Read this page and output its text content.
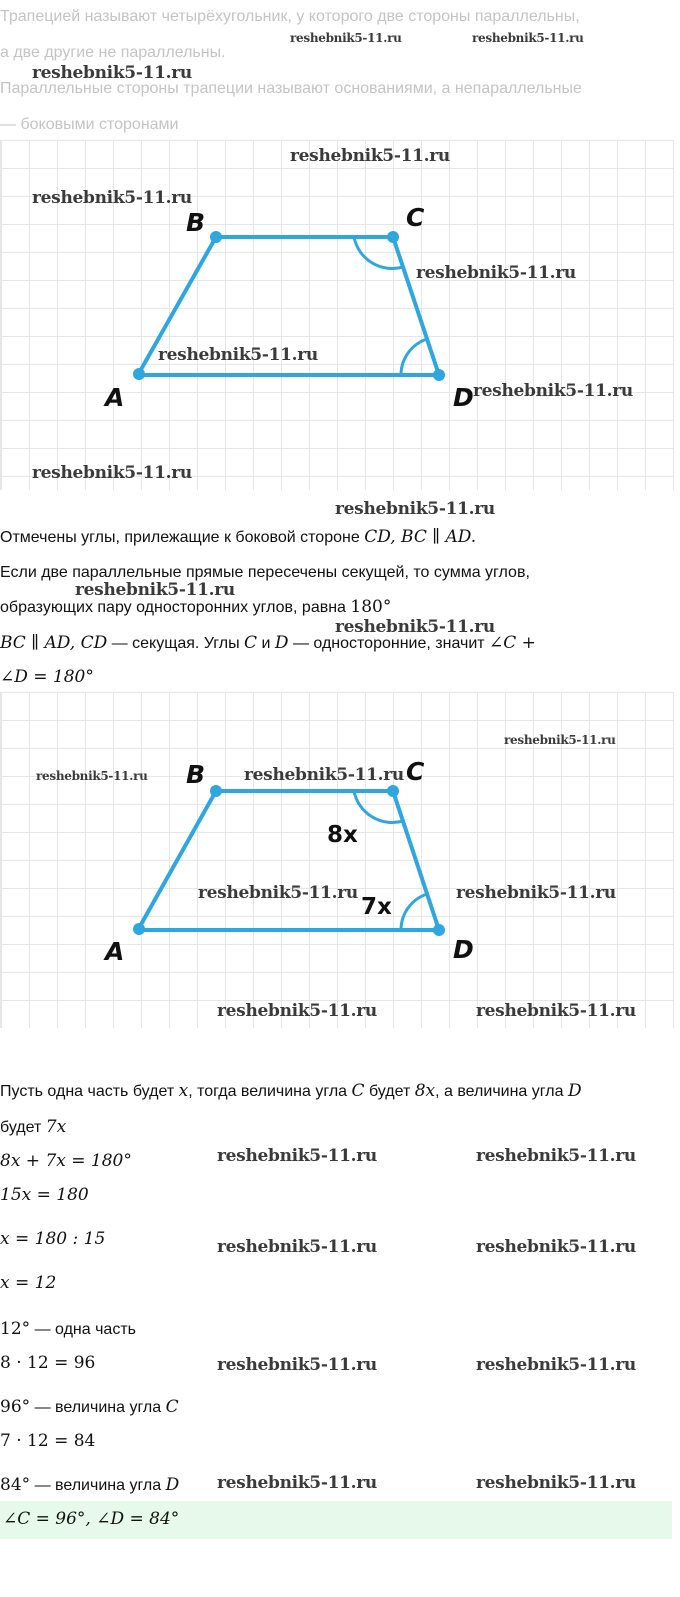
Трапецией называют четырёхугольник, у которого две стороны параллельны,
а две другие не параллельны.
Параллельные стороны трапеции называют основаниями, а непараллельные
— боковыми сторонами
A
B	C
D
A
B	C
D
8x
7x
Отмечены углы, прилежащие к боковой стороне CD, BC ∥ AD.
Если две параллельные прямые пересечены секущей, то сумма углов,
образующих пару односторонних углов, равна 180°
BC ∥ AD, CD — секущая. Углы C и D — односторонние, значит ∠C +
∠D = 180°
Пусть одна часть будет x, тогда величина угла C будет 8x, а величина угла D
будет 7x
8x + 7x = 180°
15x = 180
x = 180 : 15
x = 12
12° — одна часть
8 · 12 = 96
96° — величина угла C
7 · 12 = 84
84° — величина угла D
∠C = 96°, ∠D = 84°
reshebnik5-11.ru	reshebnik5-11.ru
reshebnik5-11.ru
reshebnik5-11.ru
reshebnik5-11.ru
reshebnik5-11.ru
reshebnik5-11.ru
reshebnik5-11.ru
reshebnik5-11.ru
reshebnik5-11.ru
reshebnik5-11.ru
reshebnik5-11.ru
reshebnik5-11.ru
reshebnik5-11.ru	reshebnik5-11.ru
reshebnik5-11.ru	reshebnik5-11.ru
reshebnik5-11.ru	reshebnik5-11.ru
reshebnik5-11.ru	reshebnik5-11.ru
reshebnik5-11.ru	reshebnik5-11.ru
reshebnik5-11.ru	reshebnik5-11.ru
reshebnik5-11.ru	reshebnik5-11.ru
